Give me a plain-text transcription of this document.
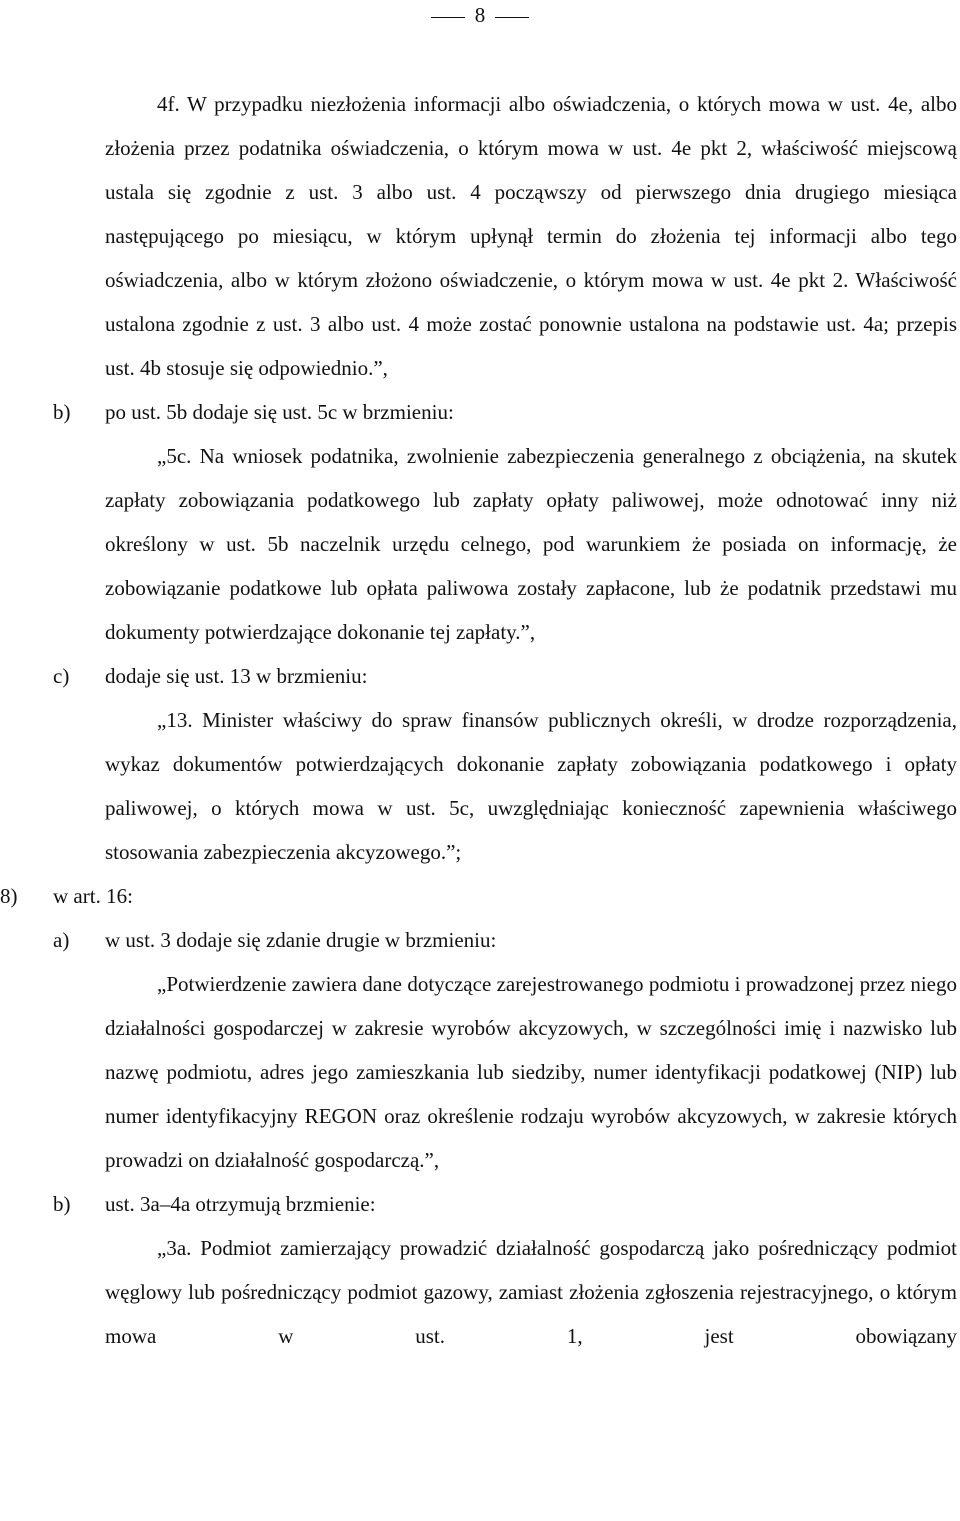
8

4f. W przypadku niezłożenia informacji albo oświadczenia, o których mowa w ust. 4e, albo złożenia przez podatnika oświadczenia, o którym mowa w ust. 4e pkt 2, właściwość miejscową ustala się zgodnie z ust. 3 albo ust. 4 począwszy od pierwszego dnia drugiego miesiąca następującego po miesiącu, w którym upłynął termin do złożenia tej informacji albo tego oświadczenia, albo w którym złożono oświadczenie, o którym mowa w ust. 4e pkt 2. Właściwość ustalona zgodnie z ust. 3 albo ust. 4 może zostać ponownie ustalona na podstawie ust. 4a; przepis ust. 4b stosuje się odpowiednio.”,

b) po ust. 5b dodaje się ust. 5c w brzmieniu:

„5c. Na wniosek podatnika, zwolnienie zabezpieczenia generalnego z obciążenia, na skutek zapłaty zobowiązania podatkowego lub zapłaty opłaty paliwowej, może odnotować inny niż określony w ust. 5b naczelnik urzędu celnego, pod warunkiem że posiada on informację, że zobowiązanie podatkowe lub opłata paliwowa zostały zapłacone, lub że podatnik przedstawi mu dokumenty potwierdzające dokonanie tej zapłaty.”,

c) dodaje się ust. 13 w brzmieniu:

„13. Minister właściwy do spraw finansów publicznych określi, w drodze rozporządzenia, wykaz dokumentów potwierdzających dokonanie zapłaty zobowiązania podatkowego i opłaty paliwowej, o których mowa w ust. 5c, uwzględniając konieczność zapewnienia właściwego stosowania zabezpieczenia akcyzowego.”;

8) w art. 16:
a) w ust. 3 dodaje się zdanie drugie w brzmieniu:

„Potwierdzenie zawiera dane dotyczące zarejestrowanego podmiotu i prowadzonej przez niego działalności gospodarczej w zakresie wyrobów akcyzowych, w szczególności imię i nazwisko lub nazwę podmiotu, adres jego zamieszkania lub siedziby, numer identyfikacji podatkowej (NIP) lub numer identyfikacyjny REGON oraz określenie rodzaju wyrobów akcyzowych, w zakresie których prowadzi on działalność gospodarczą.”,

b) ust. 3a–4a otrzymują brzmienie:

„3a. Podmiot zamierzający prowadzić działalność gospodarczą jako pośredniczący podmiot węglowy lub pośredniczący podmiot gazowy, zamiast złożenia zgłoszenia rejestracyjnego, o którym mowa w ust. 1, jest obowiązany
